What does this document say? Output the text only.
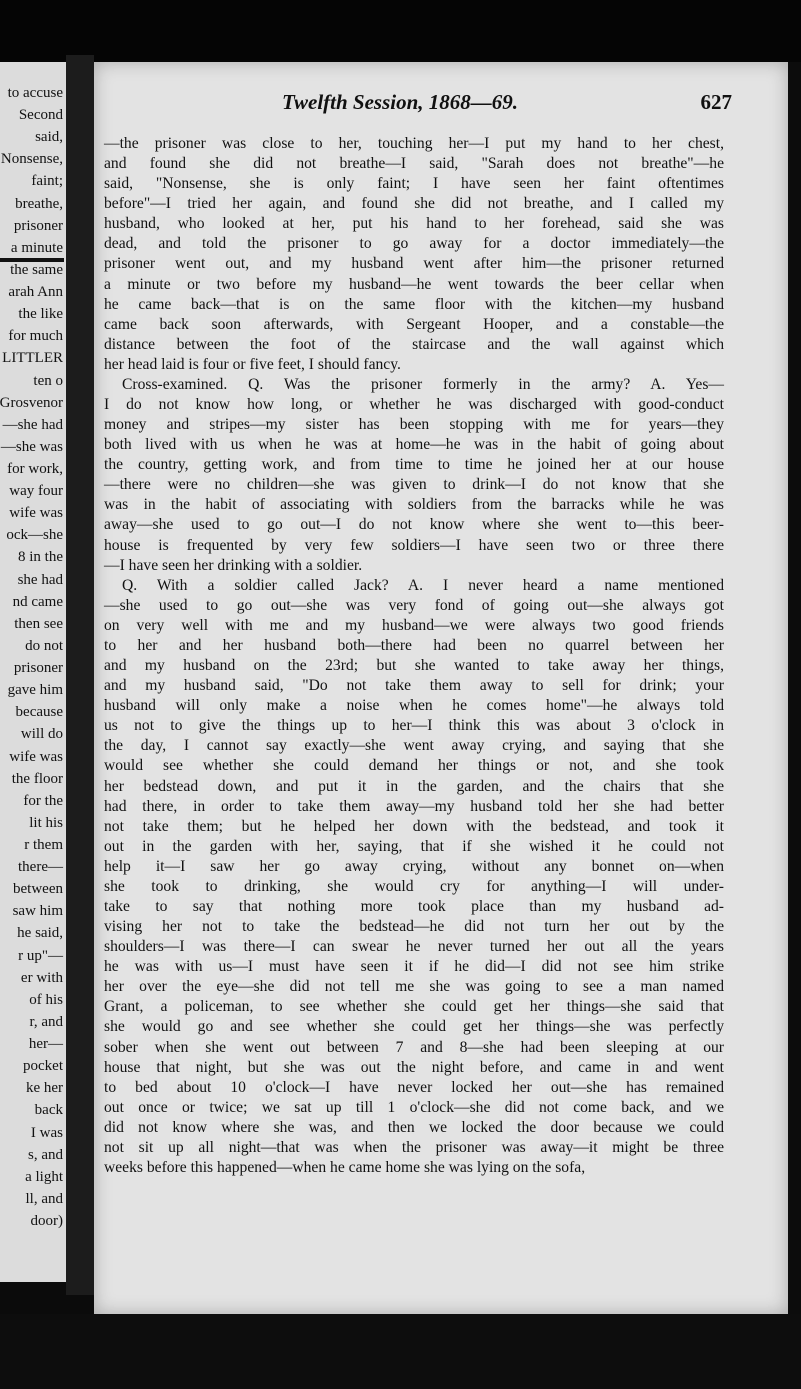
to accuse
Second
said,
Nonsense,
faint;
breathe,
prisoner
a minute
the same
arah Ann
the like
for much
LITTLER
ten o
Grosvenor
—she had
—she was
for work,
way four
wife was
ock—she
8 in the
she had
nd came
then see
do not
prisoner
gave him
because
will do
wife was
the floor
for the
lit his
r them
there—
between
saw him
he said,
r up"—
er with
of his
r, and
her—
pocket
ke her
back
I was
s, and
a light
ll, and
door)
Twelfth Session, 1868—69.	627
—the prisoner was close to her, touching her—I put my hand to her chest,
and found she did not breathe—I said, "Sarah does not breathe"—he
said, "Nonsense, she is only faint; I have seen her faint oftentimes
before"—I tried her again, and found she did not breathe, and I called my
husband, who looked at her, put his hand to her forehead, said she was
dead, and told the prisoner to go away for a doctor immediately—the
prisoner went out, and my husband went after him—the prisoner returned
a minute or two before my husband—he went towards the beer cellar when
he came back—that is on the same floor with the kitchen—my husband
came back soon afterwards, with Sergeant Hooper, and a constable—the
distance between the foot of the staircase and the wall against which
her head laid is four or five feet, I should fancy.
Cross-examined. Q. Was the prisoner formerly in the army? A. Yes—
I do not know how long, or whether he was discharged with good-conduct
money and stripes—my sister has been stopping with me for years—they
both lived with us when he was at home—he was in the habit of going about
the country, getting work, and from time to time he joined her at our house
—there were no children—she was given to drink—I do not know that she
was in the habit of associating with soldiers from the barracks while he was
away—she used to go out—I do not know where she went to—this beer-
house is frequented by very few soldiers—I have seen two or three there
—I have seen her drinking with a soldier.
Q. With a soldier called Jack? A. I never heard a name mentioned
—she used to go out—she was very fond of going out—she always got
on very well with me and my husband—we were always two good friends
to her and her husband both—there had been no quarrel between her
and my husband on the 23rd; but she wanted to take away her things,
and my husband said, "Do not take them away to sell for drink; your
husband will only make a noise when he comes home"—he always told
us not to give the things up to her—I think this was about 3 o'clock in
the day, I cannot say exactly—she went away crying, and saying that she
would see whether she could demand her things or not, and she took
her bedstead down, and put it in the garden, and the chairs that she
had there, in order to take them away—my husband told her she had better
not take them; but he helped her down with the bedstead, and took it
out in the garden with her, saying, that if she wished it he could not
help it—I saw her go away crying, without any bonnet on—when
she took to drinking, she would cry for anything—I will under-
take to say that nothing more took place than my husband ad-
vising her not to take the bedstead—he did not turn her out by the
shoulders—I was there—I can swear he never turned her out all the years
he was with us—I must have seen it if he did—I did not see him strike
her over the eye—she did not tell me she was going to see a man named
Grant, a policeman, to see whether she could get her things—she said that
she would go and see whether she could get her things—she was perfectly
sober when she went out between 7 and 8—she had been sleeping at our
house that night, but she was out the night before, and came in and went
to bed about 10 o'clock—I have never locked her out—she has remained
out once or twice; we sat up till 1 o'clock—she did not come back, and we
did not know where she was, and then we locked the door because we could
not sit up all night—that was when the prisoner was away—it might be three
weeks before this happened—when he came home she was lying on the sofa,
